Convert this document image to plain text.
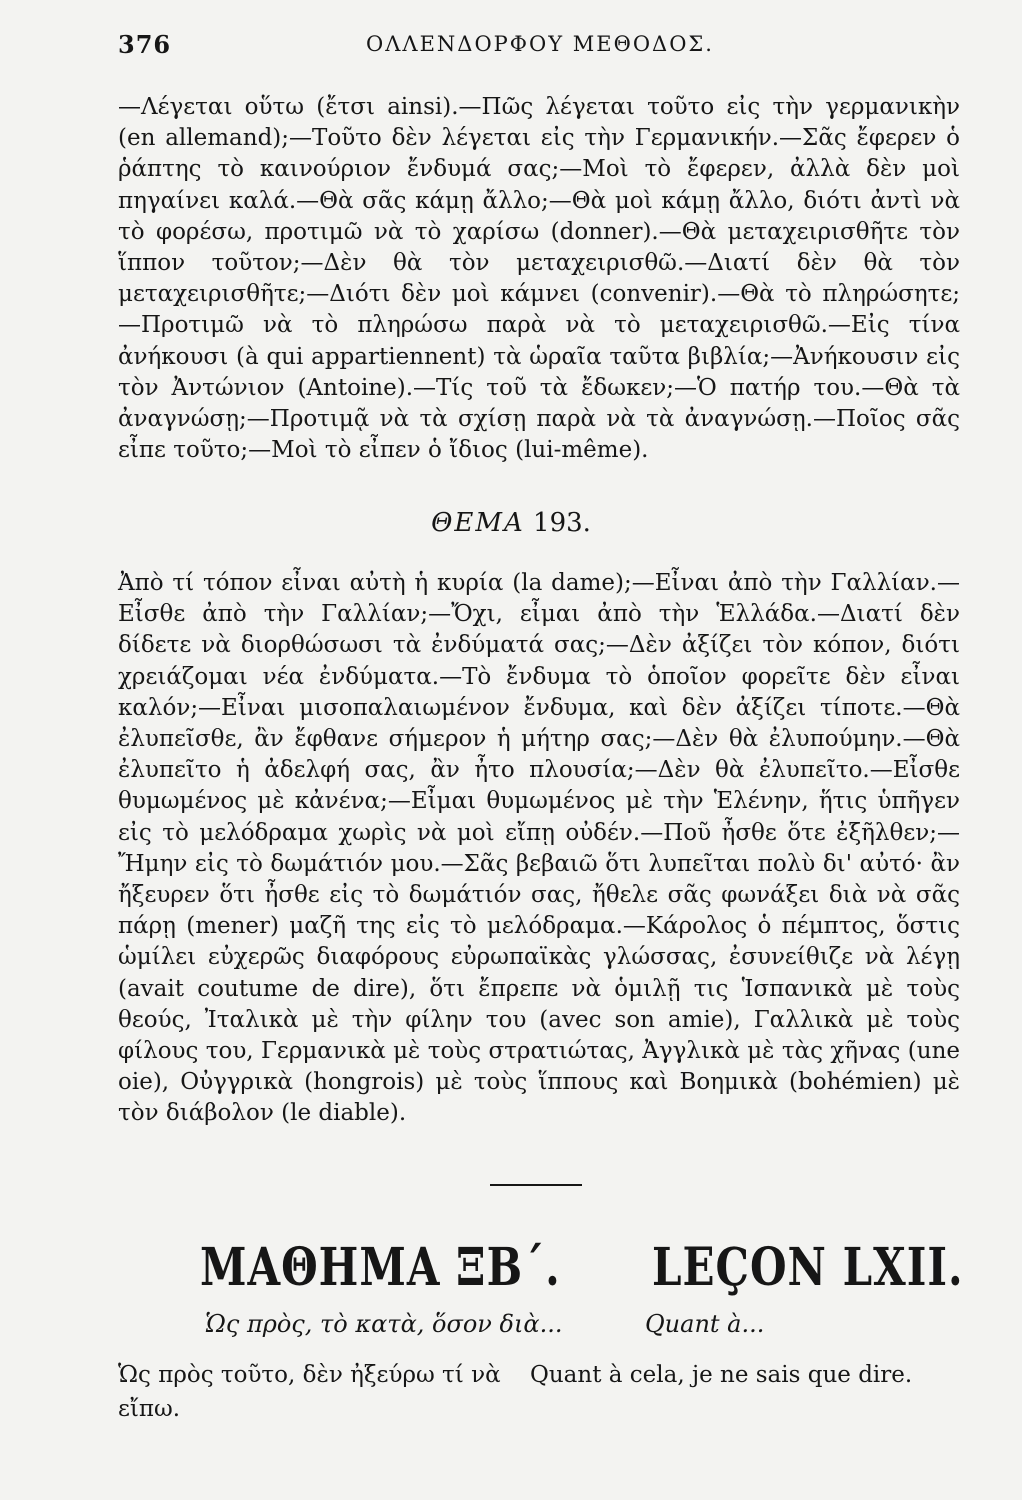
376	ΟΛΛΕΝΔΟΡΦΟΥ ΜΕΘΟΔΟΣ.
—Λέγεται οὕτω (ἔτσι ainsi).—Πῶς λέγεται τοῦτο εἰς τὴν γερμανικὴν (en allemand);—Τοῦτο δὲν λέγεται εἰς τὴν Γερμανικήν.—Σᾶς ἔφερεν ὁ ῥάπτης τὸ καινούριον ἔνδυμά σας;—Μοὶ τὸ ἔφερεν, ἀλλὰ δὲν μοὶ πηγαίνει καλά.—Θὰ σᾶς κάμῃ ἄλλο;—Θὰ μοὶ κάμῃ ἄλλο, διότι ἀντὶ νὰ τὸ φορέσω, προτιμῶ νὰ τὸ χαρίσω (donner).—Θὰ μεταχειρισθῆτε τὸν ἵππον τοῦτον;—Δὲν θὰ τὸν μεταχειρισθῶ.—Διατί δὲν θὰ τὸν μεταχειρισθῆτε;—Διότι δὲν μοὶ κάμνει (convenir).—Θὰ τὸ πληρώσητε;—Προτιμῶ νὰ τὸ πληρώσω παρὰ νὰ τὸ μεταχειρισθῶ.—Εἰς τίνα ἀνήκουσι (à qui appartiennent) τὰ ὡραῖα ταῦτα βιβλία;—Ἀνήκουσιν εἰς τὸν Ἀντώνιον (Antoine).—Τίς τοῦ τὰ ἔδωκεν;—Ὁ πατήρ του.—Θὰ τὰ ἀναγνώσῃ;—Προτιμᾷ νὰ τὰ σχίσῃ παρὰ νὰ τὰ ἀναγνώσῃ.—Ποῖος σᾶς εἶπε τοῦτο;—Μοὶ τὸ εἶπεν ὁ ἴδιος (lui-même).
ΘΕΜΑ 193.
Ἀπὸ τί τόπον εἶναι αὐτὴ ἡ κυρία (la dame);—Εἶναι ἀπὸ τὴν Γαλλίαν.—Εἶσθε ἀπὸ τὴν Γαλλίαν;—Ὄχι, εἶμαι ἀπὸ τὴν Ἑλλάδα.—Διατί δὲν δίδετε νὰ διορθώσωσι τὰ ἐνδύματά σας;—Δὲν ἀξίζει τὸν κόπον, διότι χρειάζομαι νέα ἐνδύματα.—Τὸ ἔνδυμα τὸ ὁποῖον φορεῖτε δὲν εἶναι καλόν;—Εἶναι μισοπαλαιωμένον ἔνδυμα, καὶ δὲν ἀξίζει τίποτε.—Θὰ ἐλυπεῖσθε, ἂν ἔφθανε σήμερον ἡ μήτηρ σας;—Δὲν θὰ ἐλυπούμην.—Θὰ ἐλυπεῖτο ἡ ἀδελφή σας, ἂν ἦτο πλουσία;—Δὲν θὰ ἐλυπεῖτο.—Εἶσθε θυμωμένος μὲ κἀνένα;—Εἶμαι θυμωμένος μὲ τὴν Ἑλένην, ἥτις ὑπῆγεν εἰς τὸ μελόδραμα χωρὶς νὰ μοὶ εἴπῃ οὐδέν.—Ποῦ ἦσθε ὅτε ἐξῆλθεν;—Ἤμην εἰς τὸ δωμάτιόν μου.—Σᾶς βεβαιῶ ὅτι λυπεῖται πολὺ δι' αὐτό· ἂν ἤξευρεν ὅτι ἦσθε εἰς τὸ δωμάτιόν σας, ἤθελε σᾶς φωνάξει διὰ νὰ σᾶς πάρῃ (mener) μαζῆ της εἰς τὸ μελόδραμα.—Κάρολος ὁ πέμπτος, ὅστις ὡμίλει εὐχερῶς διαφόρους εὐρωπαϊκὰς γλώσσας, ἐσυνείθιζε νὰ λέγῃ (avait coutume de dire), ὅτι ἔπρεπε νὰ ὁμιλῇ τις Ἱσπανικὰ μὲ τοὺς θεούς, Ἰταλικὰ μὲ τὴν φίλην του (avec son amie), Γαλλικὰ μὲ τοὺς φίλους του, Γερμανικὰ μὲ τοὺς στρατιώτας, Ἀγγλικὰ μὲ τὰς χῆνας (une oie), Οὐγγρικὰ (hongrois) μὲ τοὺς ἵππους καὶ Βοημικὰ (bohémien) μὲ τὸν διάβολον (le diable).
ΜΑΘΗΜΑ ΞΒ΄. LEÇON LXII.
Ὡς πρὸς, τὸ κατὰ, ὅσον διὰ...	Quant à...
Ὡς πρὸς τοῦτο, δὲν ἠξεύρω τί νὰ εἴπω.
Quant à cela, je ne sais que dire.
